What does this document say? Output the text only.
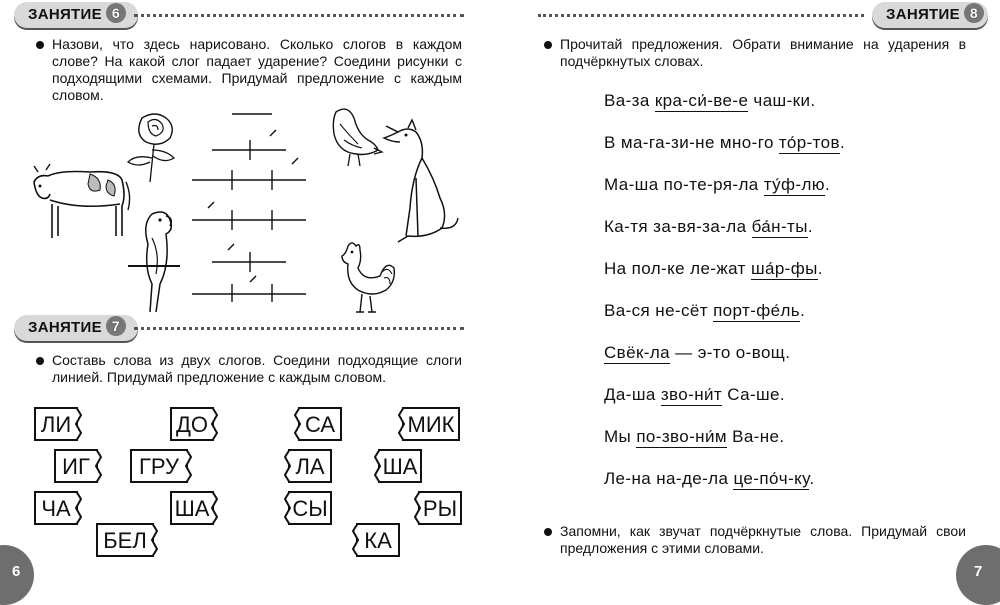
ЗАНЯТИЕ 6
Назови, что здесь нарисовано. Сколько слогов в каждом слове? На какой слог падает ударение? Соедини рисунки с подходящими схемами. Придумай предложение с каждым словом.
ЗАНЯТИЕ 7
Составь слова из двух слогов. Соедини подходящие слоги линией. Придумай предложение с каждым словом.
ЛИ	ДО
ИГ	ГРУ
ЧА	ША
БЕЛ
СА	МИК
ЛА	ША
СЫ	РЫ
КА
6
ЗАНЯТИЕ 8
Прочитай предложения. Обрати внимание на ударения в подчёркнутых словах.
Ва-за кра-си́-ве-е чаш-ки.
В ма-га-зи-не мно-го то́р-тов.
Ма-ша по-те-ря-ла ту́ф-лю.
Ка-тя за-вя-за-ла ба́н-ты.
На пол-ке ле-жат ша́р-фы.
Ва-ся не-сёт порт-фе́ль.
Свёк-ла — э-то о-вощ.
Да-ша зво-ни́т Са-ше.
Мы по-зво-ни́м Ва-не.
Ле-на на-де-ла це-по́ч-ку.
Запомни, как звучат подчёркнутые слова. Придумай свои предложения с этими словами.
7
